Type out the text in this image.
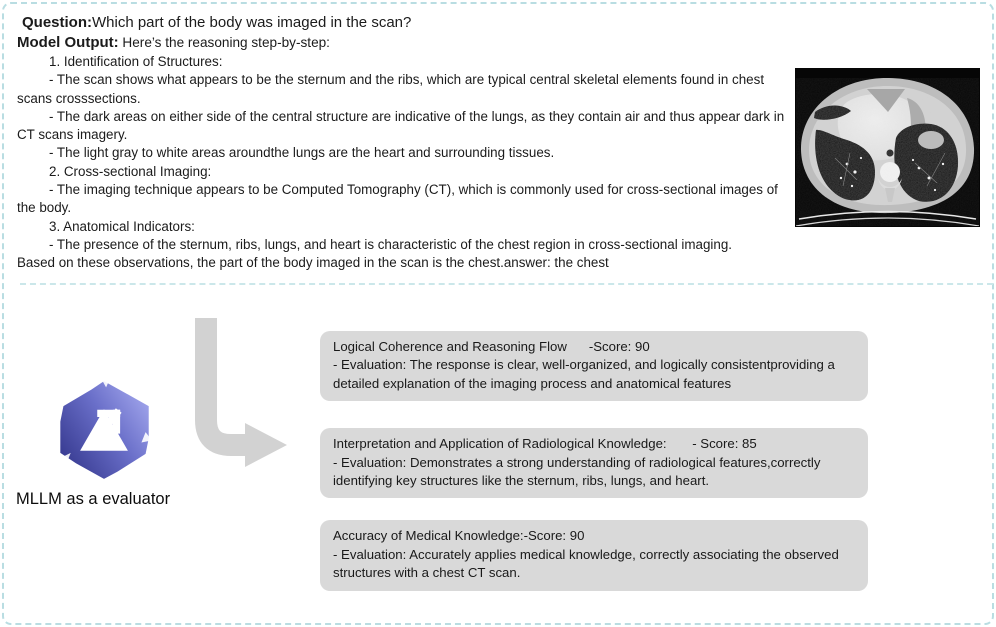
Question:Which part of the body was imaged in the scan?

Model Output: Here’s the reasoning step-by-step:

1. Identification of Structures:

- The scan shows what appears to be the sternum and the ribs, which are typical central skeletal elements found in chest scans crosssections.

- The dark areas on either side of the central structure are indicative of the lungs, as they contain air and thus appear dark in CT scans imagery.

- The light gray to white areas aroundthe lungs are the heart and surrounding tissues.

2. Cross-sectional Imaging:

- The imaging technique appears to be Computed Tomography (CT), which is commonly used for cross-sectional images of the body.

3. Anatomical Indicators:

- The presence of the sternum, ribs, lungs, and heart is characteristic of the chest region in cross-sectional imaging.

Based on these observations, the part of the body imaged in the scan is the chest.answer: the chest

MLLM as a evaluator
Logical Coherence and Reasoning Flow      -Score: 90
- Evaluation: The response is clear, well-organized, and logically consistentproviding a detailed explanation of the imaging process and anatomical features
Interpretation and Application of Radiological Knowledge:       - Score: 85
- Evaluation: Demonstrates a strong understanding of radiological features,correctly identifying key structures like the sternum, ribs, lungs, and heart.
Accuracy of Medical Knowledge:-Score: 90
- Evaluation: Accurately applies medical knowledge, correctly associating the observed structures with a chest CT scan.
